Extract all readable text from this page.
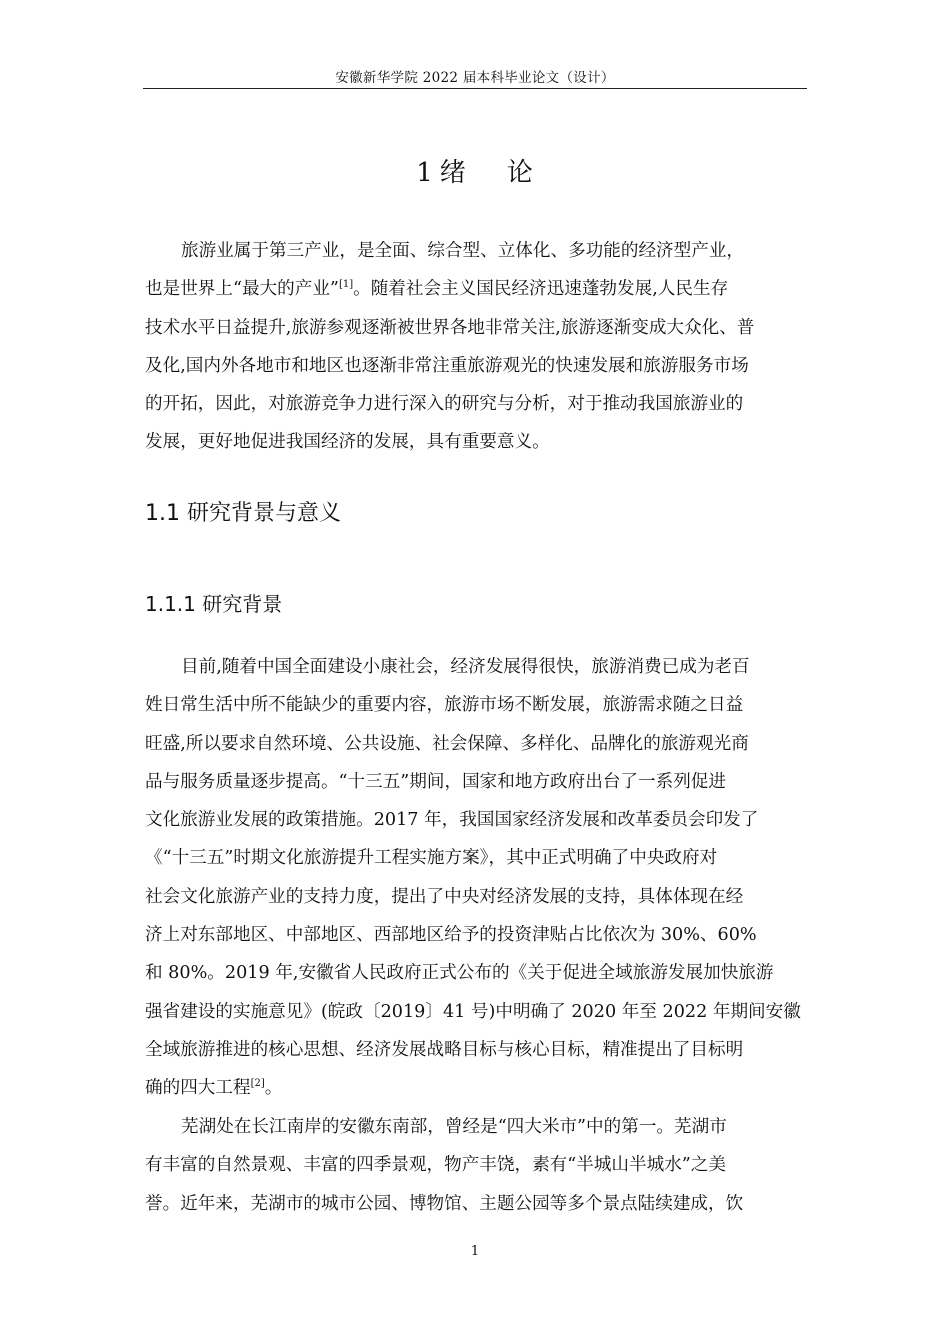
安徽新华学院 2022 届本科毕业论文（设计）
1 绪 论
旅游业属于第三产业，是全面、综合型、立体化、多功能的经济型产业，
也是世界上“最大的产业”[1]。随着社会主义国民经济迅速蓬勃发展,人民生存
技术水平日益提升,旅游参观逐渐被世界各地非常关注,旅游逐渐变成大众化、普
及化,国内外各地市和地区也逐渐非常注重旅游观光的快速发展和旅游服务市场
的开拓，因此，对旅游竞争力进行深入的研究与分析，对于推动我国旅游业的
发展，更好地促进我国经济的发展，具有重要意义。
1.1 研究背景与意义
1.1.1 研究背景
目前,随着中国全面建设小康社会，经济发展得很快，旅游消费已成为老百
姓日常生活中所不能缺少的重要内容，旅游市场不断发展，旅游需求随之日益
旺盛,所以要求自然环境、公共设施、社会保障、多样化、品牌化的旅游观光商
品与服务质量逐步提高。“十三五”期间，国家和地方政府出台了一系列促进
文化旅游业发展的政策措施。2017 年，我国国家经济发展和改革委员会印发了
《“十三五”时期文化旅游提升工程实施方案》，其中正式明确了中央政府对
社会文化旅游产业的支持力度，提出了中央对经济发展的支持，具体体现在经
济上对东部地区、中部地区、西部地区给予的投资津贴占比依次为 30%、60%
和 80%。2019 年,安徽省人民政府正式公布的《关于促进全域旅游发展加快旅游
强省建设的实施意见》(皖政〔2019〕41 号)中明确了 2020 年至 2022 年期间安徽
全域旅游推进的核心思想、经济发展战略目标与核心目标，精准提出了目标明
确的四大工程[2]。
芜湖处在长江南岸的安徽东南部，曾经是“四大米市”中的第一。芜湖市
有丰富的自然景观、丰富的四季景观，物产丰饶，素有“半城山半城水”之美
誉。近年来，芜湖市的城市公园、博物馆、主题公园等多个景点陆续建成，饮
1
